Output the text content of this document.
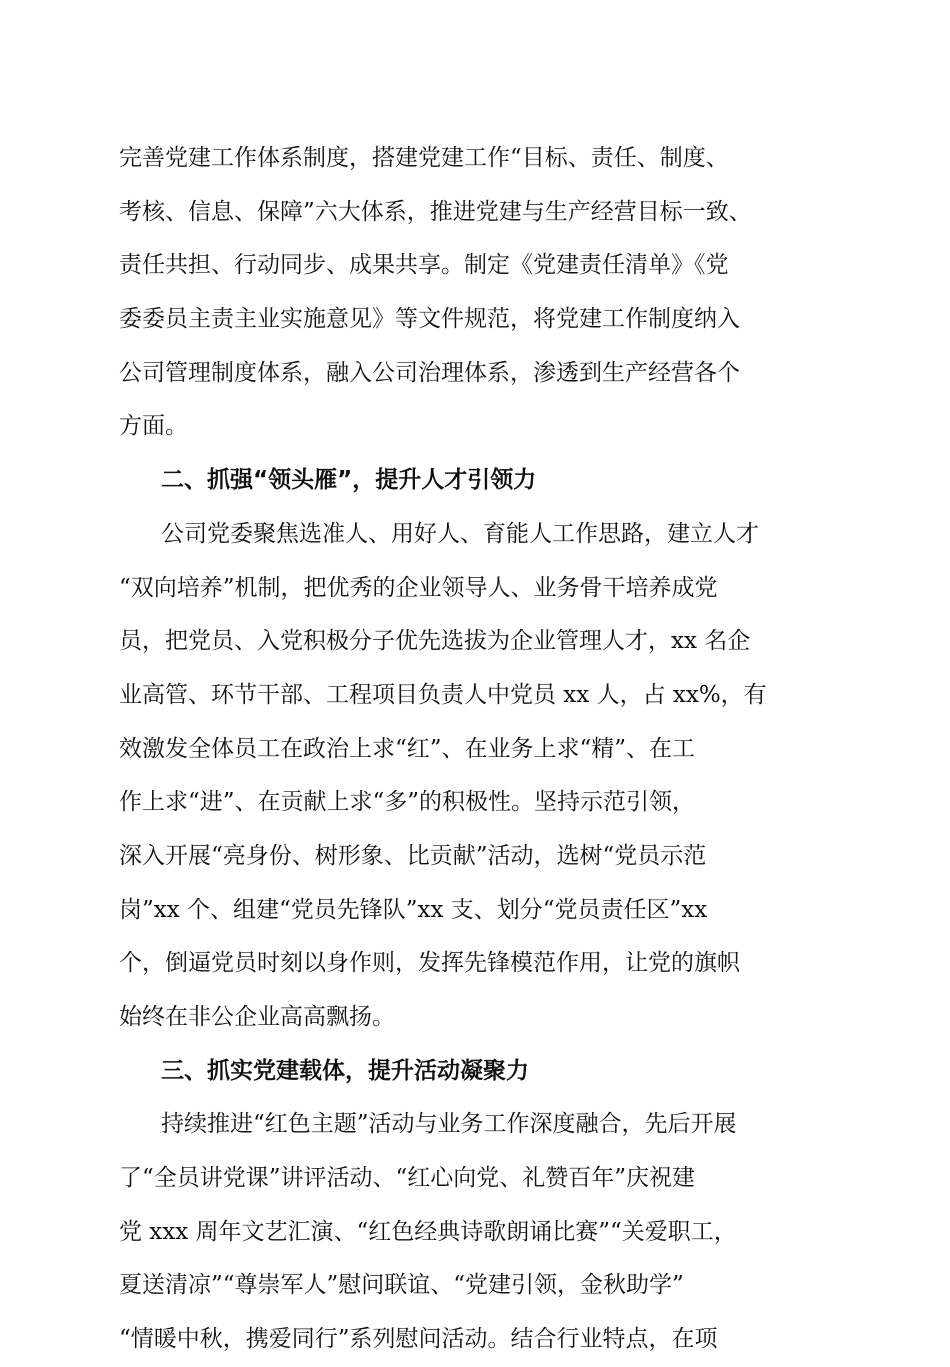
完善党建工作体系制度，搭建党建工作“目标、责任、制度、
考核、信息、保障”六大体系，推进党建与生产经营目标一致、
责任共担、行动同步、成果共享。制定《党建责任清单》《党
委委员主责主业实施意见》等文件规范，将党建工作制度纳入
公司管理制度体系，融入公司治理体系，渗透到生产经营各个
方面。
二、抓强“领头雁”，提升人才引领力
公司党委聚焦选准人、用好人、育能人工作思路，建立人才
“双向培养”机制，把优秀的企业领导人、业务骨干培养成党
员，把党员、入党积极分子优先选拔为企业管理人才，xx 名企
业高管、环节干部、工程项目负责人中党员 xx 人，占 xx%，有
效激发全体员工在政治上求“红”、在业务上求“精”、在工
作上求“进”、在贡献上求“多”的积极性。坚持示范引领，
深入开展“亮身份、树形象、比贡献”活动，选树“党员示范
岗”xx 个、组建“党员先锋队”xx 支、划分“党员责任区”xx
个，倒逼党员时刻以身作则，发挥先锋模范作用，让党的旗帜
始终在非公企业高高飘扬。
三、抓实党建载体，提升活动凝聚力
持续推进“红色主题”活动与业务工作深度融合，先后开展
了“全员讲党课”讲评活动、“红心向党、礼赞百年”庆祝建
党 xxx 周年文艺汇演、“红色经典诗歌朗诵比赛”“关爱职工，
夏送清凉”“尊崇军人”慰问联谊、“党建引领，金秋助学”
“情暖中秋，携爱同行”系列慰问活动。结合行业特点，在项
